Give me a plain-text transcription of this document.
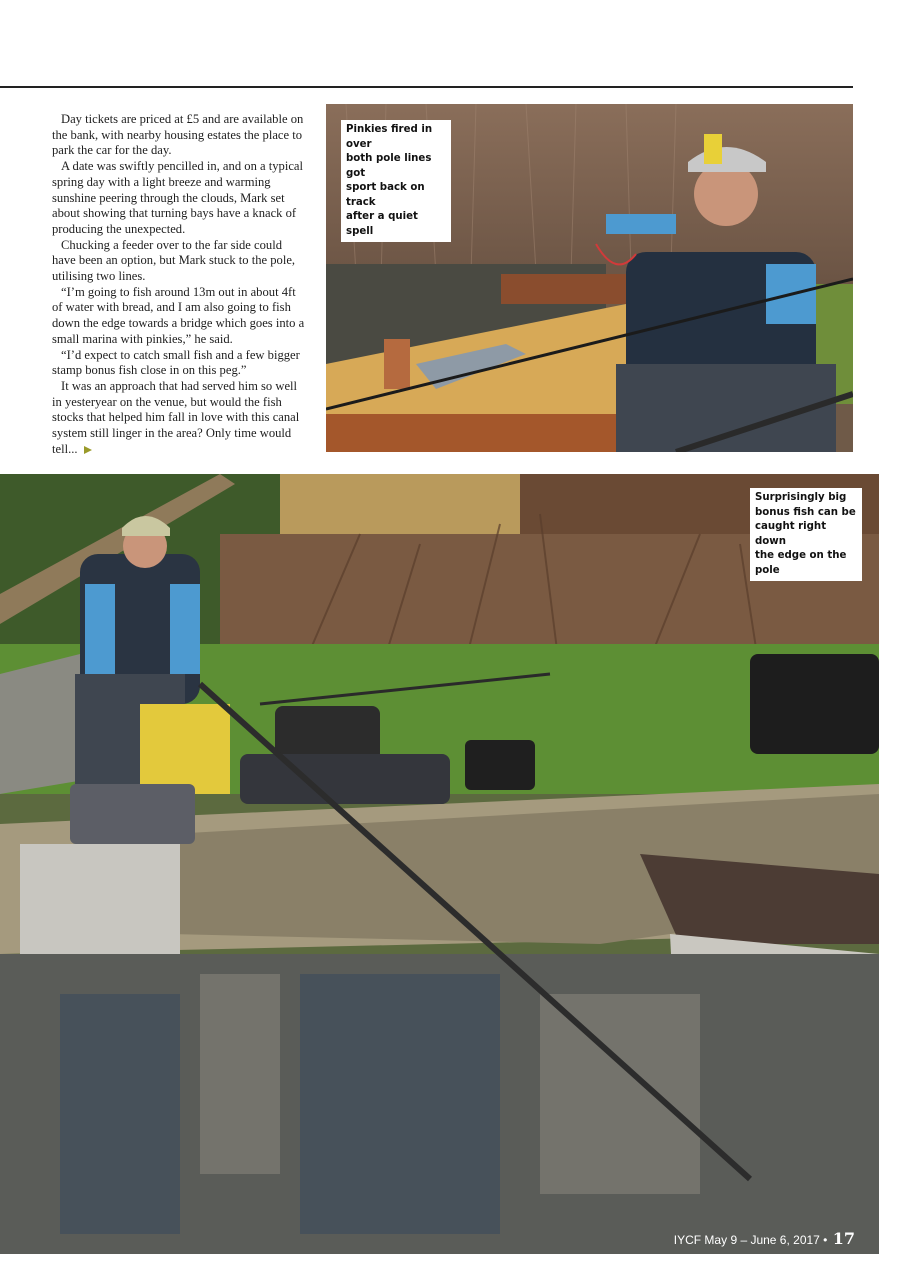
Day tickets are priced at £5 and are available on the bank, with nearby housing estates the place to park the car for the day.

A date was swiftly pencilled in, and on a typical spring day with a light breeze and warming sunshine peering through the clouds, Mark set about showing that turning bays have a knack of producing the unexpected.

Chucking a feeder over to the far side could have been an option, but Mark stuck to the pole, utilising two lines.

“I’m going to fish around 13m out in about 4ft of water with bread, and I am also going to fish down the edge towards a bridge which goes into a small marina with pinkies,” he said.

“I’d expect to catch small fish and a few bigger stamp bonus fish close in on this peg.”

It was an approach that had served him so well in yesteryear on the venue, but would the fish stocks that helped him fall in love with this canal system still linger in the area? Only time would tell...

Pinkies fired in over
both pole lines got
sport back on track
after a quiet spell
Surprisingly big
bonus fish can be
caught right down
the edge on the pole
IYCF May 9 – June 6, 2017 • 17
